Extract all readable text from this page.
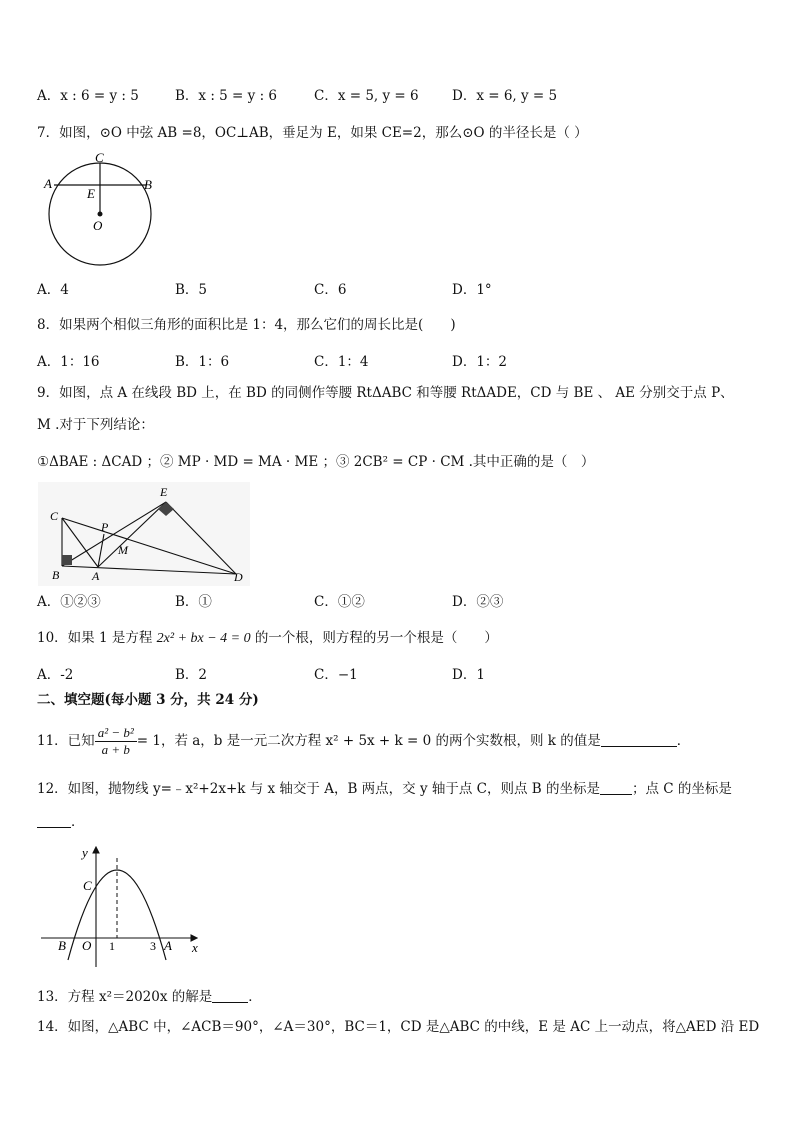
A．x : 6 = y : 5	B．x : 5 = y : 6	C．x = 5, y = 6 D．x = 6, y = 5
7．如图，⊙O 中弦 AB =8，OC⊥AB，垂足为 E，如果 CE=2，那么⊙O 的半径长是（ ）
C
A	B
E
O
A．4	B．5	C．6	D．1°
8．如果两个相似三角形的面积比是 1：4，那么它们的周长比是(　　)
A．1：16	B．1：6	C．1：4	D．1：2
9．如图，点 A 在线段 BD 上，在 BD 的同侧作等腰 RtΔABC 和等腰 RtΔADE，CD 与 BE 、 AE 分别交于点 P、
M .对于下列结论：
①ΔBAE : ΔCAD ；② MP · MD = MA · ME ；③ 2CB² = CP · CM .其中正确的是（　）
E
C
P
M
B	A	D
A．①②③	B．①	C．①②	D．②③
10．如果 1 是方程 2x² + bx − 4 = 0 的一个根，则方程的另一个根是（　　）
A．-2	B．2	C．−1	D．1
二、填空题(每小题 3 分，共 24 分)
11．已知 $\frac{\text{a² − b²}}{a + b} = 1$，若 a，b 是一元二次方程 x² + 5x + k = 0 的两个实数根，则 k 的值是	．
12．如图，抛物线 y=﹣x²+2x+k 与 x 轴交于 A，B 两点，交 y 轴于点 C，则点 B 的坐标是 ；点 C 的坐标是
．
y
C
B O 1	3 A x
13．方程 x²＝2020x 的解是	．
14．如图，△ABC 中，∠ACB＝90°，∠A＝30°，BC＝1，CD 是△ABC 的中线，E 是 AC 上一动点，将△AED 沿 ED
